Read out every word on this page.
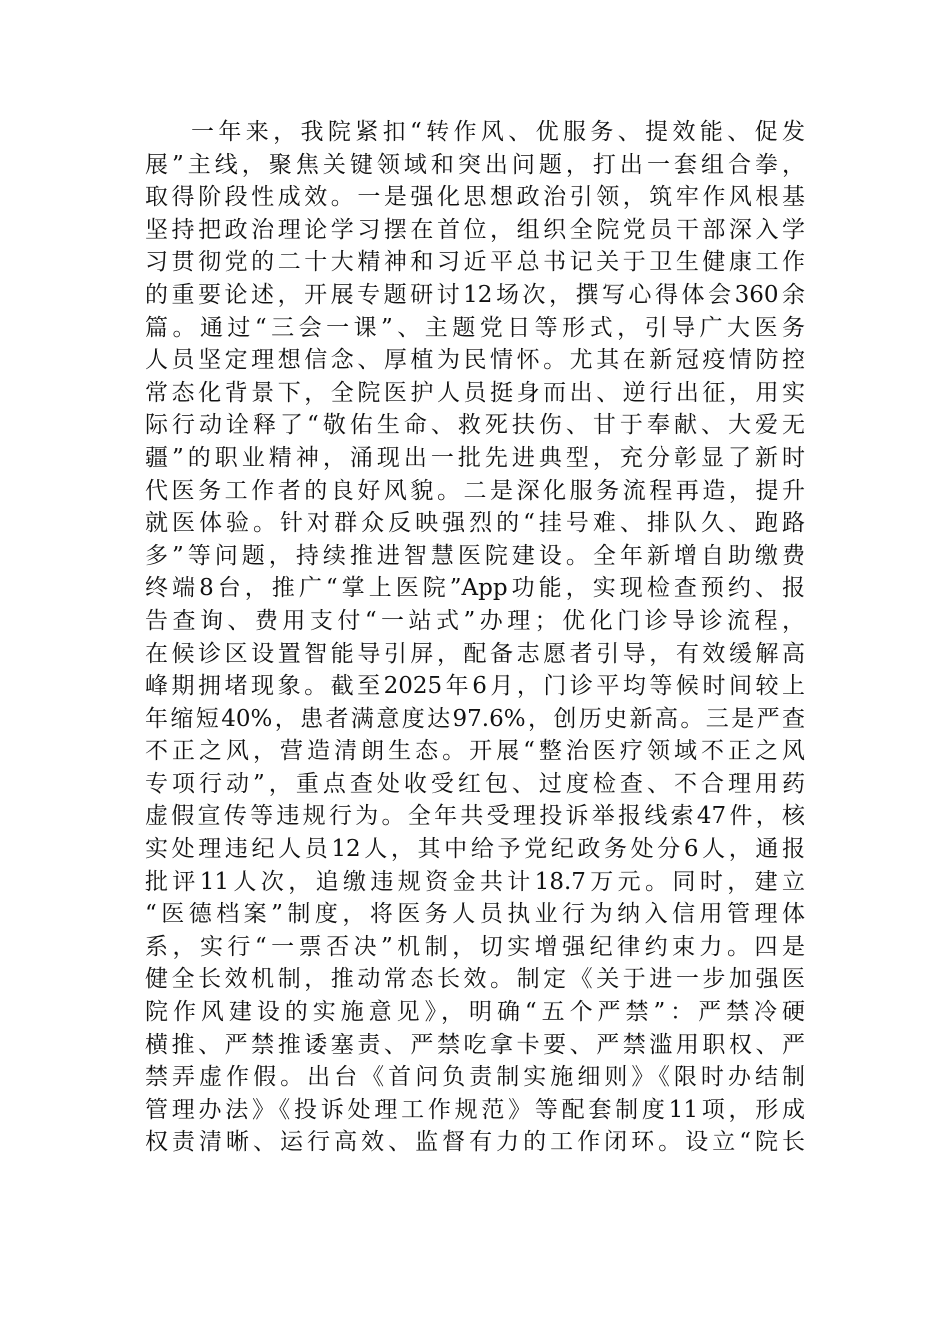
一年来，我院紧扣“转作风、优服务、提效能、促发
展”主线，聚焦关键领域和突出问题，打出一套组合拳，
取得阶段性成效。一是强化思想政治引领，筑牢作风根基
坚持把政治理论学习摆在首位，组织全院党员干部深入学
习贯彻党的二十大精神和习近平总书记关于卫生健康工作
的重要论述，开展专题研讨12场次，撰写心得体会360余
篇。通过“三会一课”、主题党日等形式，引导广大医务
人员坚定理想信念、厚植为民情怀。尤其在新冠疫情防控
常态化背景下，全院医护人员挺身而出、逆行出征，用实
际行动诠释了“敬佑生命、救死扶伤、甘于奉献、大爱无
疆”的职业精神，涌现出一批先进典型，充分彰显了新时
代医务工作者的良好风貌。二是深化服务流程再造，提升
就医体验。针对群众反映强烈的“挂号难、排队久、跑路
多”等问题，持续推进智慧医院建设。全年新增自助缴费
终端8台，推广“掌上医院”App功能，实现检查预约、报
告查询、费用支付“一站式”办理；优化门诊导诊流程，
在候诊区设置智能导引屏，配备志愿者引导，有效缓解高
峰期拥堵现象。截至2025年6月，门诊平均等候时间较上
年缩短40%，患者满意度达97.6%，创历史新高。三是严查
不正之风，营造清朗生态。开展“整治医疗领域不正之风
专项行动”，重点查处收受红包、过度检查、不合理用药
虚假宣传等违规行为。全年共受理投诉举报线索47件，核
实处理违纪人员12人，其中给予党纪政务处分6人，通报
批评11人次，追缴违规资金共计18.7万元。同时，建立
“医德档案”制度，将医务人员执业行为纳入信用管理体
系，实行“一票否决”机制，切实增强纪律约束力。四是
健全长效机制，推动常态长效。制定《关于进一步加强医
院作风建设的实施意见》，明确“五个严禁”：严禁冷硬
横推、严禁推诿塞责、严禁吃拿卡要、严禁滥用职权、严
禁弄虚作假。出台《首问负责制实施细则》《限时办结制
管理办法》《投诉处理工作规范》等配套制度11项，形成
权责清晰、运行高效、监督有力的工作闭环。设立“院长
